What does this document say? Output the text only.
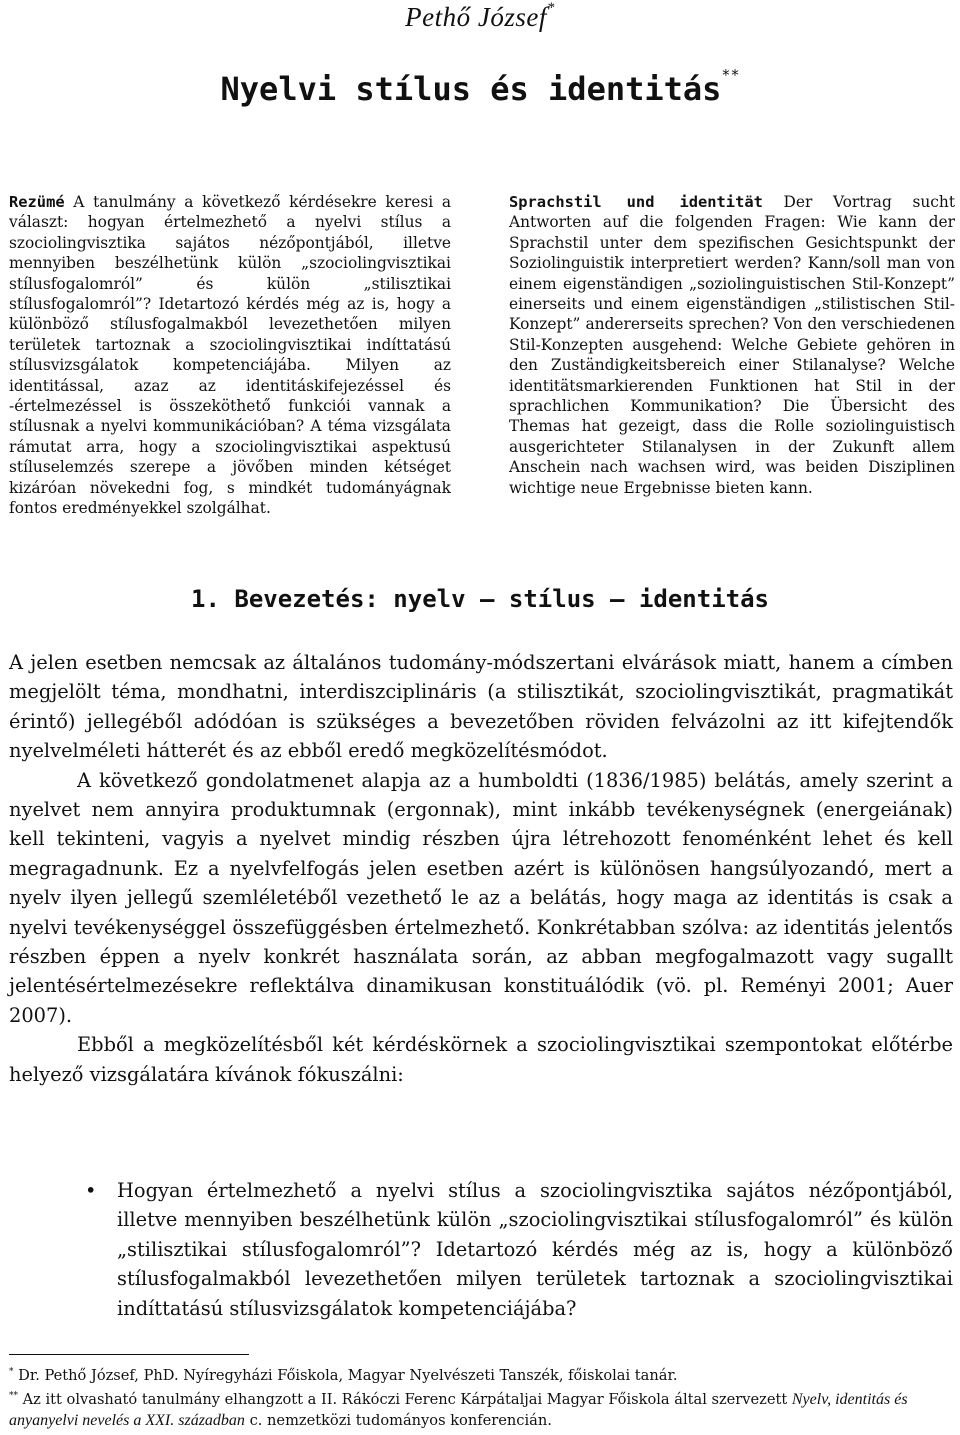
Pethő József*
Nyelvi stílus és identitás**
Rezümé A tanulmány a következő kérdésekre keresi a választ: hogyan értelmezhető a nyelvi stílus a szociolingvisztika sajátos nézőpontjából, illetve mennyiben beszélhetünk külön „szociolingvisztikai stílusfogalomról” és külön „stilisztikai stílusfogalomról”? Idetartozó kérdés még az is, hogy a különböző stílusfogalmakból levezethetően milyen területek tartoznak a szociolingvisztikai indíttatású stílusvizsgálatok kompetenciájába. Milyen az identitással, azaz az identitáskifejezéssel és -értelmezéssel is összeköthető funkciói vannak a stílusnak a nyelvi kommunikációban? A téma vizsgálata rámutat arra, hogy a szociolingvisztikai aspektusú stíluselemzés szerepe a jövőben minden kétséget kizáróan növekedni fog, s mindkét tudományágnak fontos eredményekkel szolgálhat.
Sprachstil und identität Der Vortrag sucht Antworten auf die folgenden Fragen: Wie kann der Sprachstil unter dem spezifischen Gesichtspunkt der Soziolinguistik interpretiert werden? Kann/soll man von einem eigenständigen „soziolinguistischen Stil-Konzept” einerseits und einem eigenständigen „stilistischen Stil-Konzept” andererseits sprechen? Von den verschiedenen Stil-Konzepten ausgehend: Welche Gebiete gehören in den Zuständigkeitsbereich einer Stilanalyse? Welche identitätsmarkierenden Funktionen hat Stil in der sprachlichen Kommunikation? Die Übersicht des Themas hat gezeigt, dass die Rolle soziolinguistisch ausgerichteter Stilanalysen in der Zukunft allem Anschein nach wachsen wird, was beiden Disziplinen wichtige neue Ergebnisse bieten kann.
1. Bevezetés: nyelv – stílus – identitás

A jelen esetben nemcsak az általános tudomány-módszertani elvárások miatt, hanem a címben megjelölt téma, mondhatni, interdiszciplináris (a stilisztikát, szociolingvisztikát, pragmatikát érintő) jellegéből adódóan is szükséges a bevezetőben röviden felvázolni az itt kifejtendők nyelvelméleti hátterét és az ebből eredő megközelítésmódot.

A következő gondolatmenet alapja az a humboldti (1836/1985) belátás, amely szerint a nyelvet nem annyira produktumnak (ergonnak), mint inkább tevékenységnek (energeiának) kell tekinteni, vagyis a nyelvet mindig részben újra létrehozott fenoménként lehet és kell megragadnunk. Ez a nyelvfelfogás jelen esetben azért is különösen hangsúlyozandó, mert a nyelv ilyen jellegű szemléletéből vezethető le az a belátás, hogy maga az identitás is csak a nyelvi tevékenységgel összefüggésben értelmezhető. Konkrétabban szólva: az identitás jelentős részben éppen a nyelv konkrét használata során, az abban megfogalmazott vagy sugallt jelentésértelmezésekre reflektálva dinamikusan konstituálódik (vö. pl. Reményi 2001; Auer 2007).

Ebből a megközelítésből két kérdéskörnek a szociolingvisztikai szempontokat előtérbe helyező vizsgálatára kívánok fókuszálni:

• Hogyan értelmezhető a nyelvi stílus a szociolingvisztika sajátos nézőpontjából, illetve mennyiben beszélhetünk külön „szociolingvisztikai stílusfogalomról” és külön „stilisztikai stílusfogalomról”? Idetartozó kérdés még az is, hogy a különböző stílusfogalmakból levezethetően milyen területek tartoznak a szociolingvisztikai indíttatású stílusvizsgálatok kompetenciájába?

* Dr. Pethő József, PhD. Nyíregyházi Főiskola, Magyar Nyelvészeti Tanszék, főiskolai tanár.

** Az itt olvasható tanulmány elhangzott a II. Rákóczi Ferenc Kárpátaljai Magyar Főiskola által szervezett Nyelv, identitás és anyanyelvi nevelés a XXI. században c. nemzetközi tudományos konferencián.
